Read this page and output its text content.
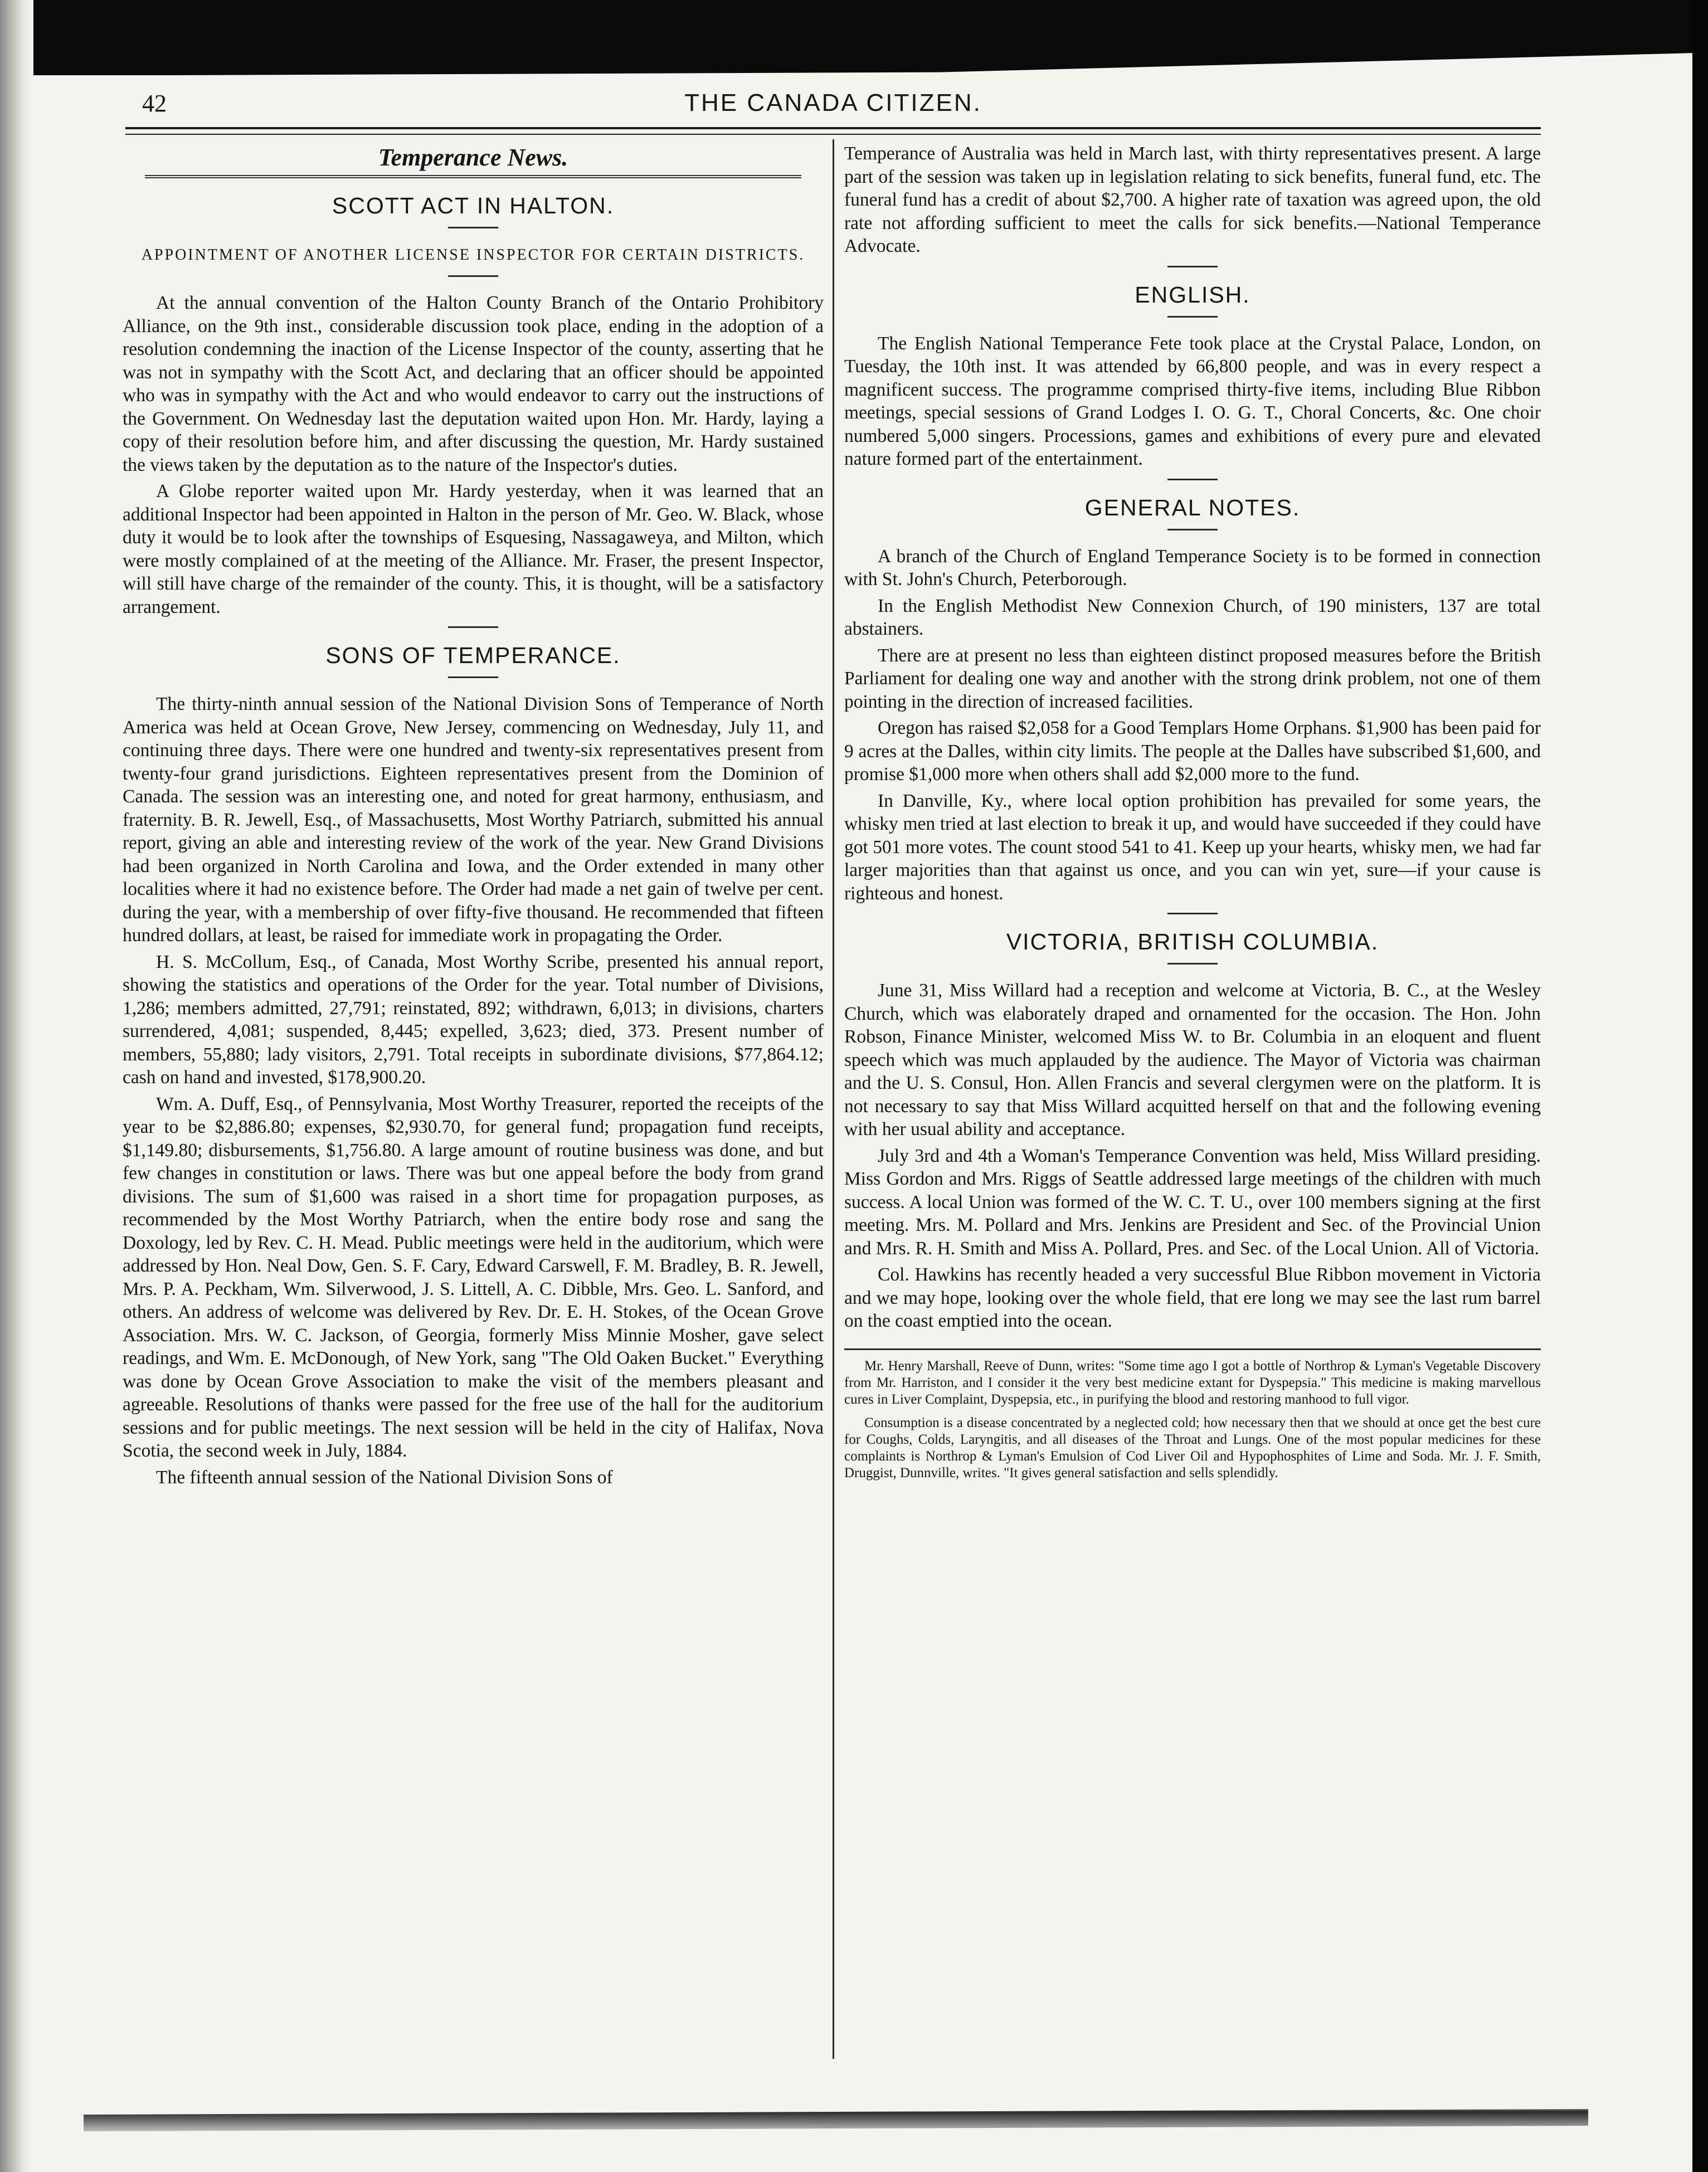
42	THE CANADA CITIZEN.
Temperance News.
SCOTT ACT IN HALTON.
APPOINTMENT OF ANOTHER LICENSE INSPECTOR FOR CERTAIN DISTRICTS.

At the annual convention of the Halton County Branch of the Ontario Prohibitory Alliance, on the 9th inst., considerable discussion took place, ending in the adoption of a resolution condemning the inaction of the License Inspector of the county, asserting that he was not in sympathy with the Scott Act, and declaring that an officer should be appointed who was in sympathy with the Act and who would endeavor to carry out the instructions of the Government. On Wednesday last the deputation waited upon Hon. Mr. Hardy, laying a copy of their resolution before him, and after discussing the question, Mr. Hardy sustained the views taken by the deputation as to the nature of the Inspector's duties.

A Globe reporter waited upon Mr. Hardy yesterday, when it was learned that an additional Inspector had been appointed in Halton in the person of Mr. Geo. W. Black, whose duty it would be to look after the townships of Esquesing, Nassagaweya, and Milton, which were mostly complained of at the meeting of the Alliance. Mr. Fraser, the present Inspector, will still have charge of the remainder of the county. This, it is thought, will be a satisfactory arrangement.

SONS OF TEMPERANCE.

The thirty-ninth annual session of the National Division Sons of Temperance of North America was held at Ocean Grove, New Jersey, commencing on Wednesday, July 11, and continuing three days. There were one hundred and twenty-six representatives present from twenty-four grand jurisdictions. Eighteen representatives present from the Dominion of Canada. The session was an interesting one, and noted for great harmony, enthusiasm, and fraternity. B. R. Jewell, Esq., of Massachusetts, Most Worthy Patriarch, submitted his annual report, giving an able and interesting review of the work of the year. New Grand Divisions had been organized in North Carolina and Iowa, and the Order extended in many other localities where it had no existence before. The Order had made a net gain of twelve per cent. during the year, with a membership of over fifty-five thousand. He recommended that fifteen hundred dollars, at least, be raised for immediate work in propagating the Order.

H. S. McCollum, Esq., of Canada, Most Worthy Scribe, presented his annual report, showing the statistics and operations of the Order for the year. Total number of Divisions, 1,286; members admitted, 27,791; reinstated, 892; withdrawn, 6,013; in divisions, charters surrendered, 4,081; suspended, 8,445; expelled, 3,623; died, 373. Present number of members, 55,880; lady visitors, 2,791. Total receipts in subordinate divisions, $77,864.12; cash on hand and invested, $178,900.20.

Wm. A. Duff, Esq., of Pennsylvania, Most Worthy Treasurer, reported the receipts of the year to be $2,886.80; expenses, $2,930.70, for general fund; propagation fund receipts, $1,149.80; disbursements, $1,756.80. A large amount of routine business was done, and but few changes in constitution or laws. There was but one appeal before the body from grand divisions. The sum of $1,600 was raised in a short time for propagation purposes, as recommended by the Most Worthy Patriarch, when the entire body rose and sang the Doxology, led by Rev. C. H. Mead. Public meetings were held in the auditorium, which were addressed by Hon. Neal Dow, Gen. S. F. Cary, Edward Carswell, F. M. Bradley, B. R. Jewell, Mrs. P. A. Peckham, Wm. Silverwood, J. S. Littell, A. C. Dibble, Mrs. Geo. L. Sanford, and others. An address of welcome was delivered by Rev. Dr. E. H. Stokes, of the Ocean Grove Association. Mrs. W. C. Jackson, of Georgia, formerly Miss Minnie Mosher, gave select readings, and Wm. E. McDonough, of New York, sang "The Old Oaken Bucket." Everything was done by Ocean Grove Association to make the visit of the members pleasant and agreeable. Resolutions of thanks were passed for the free use of the hall for the auditorium sessions and for public meetings. The next session will be held in the city of Halifax, Nova Scotia, the second week in July, 1884.

The fifteenth annual session of the National Division Sons of

Temperance of Australia was held in March last, with thirty representatives present. A large part of the session was taken up in legislation relating to sick benefits, funeral fund, etc. The funeral fund has a credit of about $2,700. A higher rate of taxation was agreed upon, the old rate not affording sufficient to meet the calls for sick benefits.—National Temperance Advocate.

ENGLISH.

The English National Temperance Fete took place at the Crystal Palace, London, on Tuesday, the 10th inst. It was attended by 66,800 people, and was in every respect a magnificent success. The programme comprised thirty-five items, including Blue Ribbon meetings, special sessions of Grand Lodges I. O. G. T., Choral Concerts, &c. One choir numbered 5,000 singers. Processions, games and exhibitions of every pure and elevated nature formed part of the entertainment.

GENERAL NOTES.

A branch of the Church of England Temperance Society is to be formed in connection with St. John's Church, Peterborough.

In the English Methodist New Connexion Church, of 190 ministers, 137 are total abstainers.

There are at present no less than eighteen distinct proposed measures before the British Parliament for dealing one way and another with the strong drink problem, not one of them pointing in the direction of increased facilities.

Oregon has raised $2,058 for a Good Templars Home Orphans. $1,900 has been paid for 9 acres at the Dalles, within city limits. The people at the Dalles have subscribed $1,600, and promise $1,000 more when others shall add $2,000 more to the fund.

In Danville, Ky., where local option prohibition has prevailed for some years, the whisky men tried at last election to break it up, and would have succeeded if they could have got 501 more votes. The count stood 541 to 41. Keep up your hearts, whisky men, we had far larger majorities than that against us once, and you can win yet, sure—if your cause is righteous and honest.

VICTORIA, BRITISH COLUMBIA.

June 31, Miss Willard had a reception and welcome at Victoria, B. C., at the Wesley Church, which was elaborately draped and ornamented for the occasion. The Hon. John Robson, Finance Minister, welcomed Miss W. to Br. Columbia in an eloquent and fluent speech which was much applauded by the audience. The Mayor of Victoria was chairman and the U. S. Consul, Hon. Allen Francis and several clergymen were on the platform. It is not necessary to say that Miss Willard acquitted herself on that and the following evening with her usual ability and acceptance.

July 3rd and 4th a Woman's Temperance Convention was held, Miss Willard presiding. Miss Gordon and Mrs. Riggs of Seattle addressed large meetings of the children with much success. A local Union was formed of the W. C. T. U., over 100 members signing at the first meeting. Mrs. M. Pollard and Mrs. Jenkins are President and Sec. of the Provincial Union and Mrs. R. H. Smith and Miss A. Pollard, Pres. and Sec. of the Local Union. All of Victoria.

Col. Hawkins has recently headed a very successful Blue Ribbon movement in Victoria and we may hope, looking over the whole field, that ere long we may see the last rum barrel on the coast emptied into the ocean.

Mr. Henry Marshall, Reeve of Dunn, writes: "Some time ago I got a bottle of Northrop & Lyman's Vegetable Discovery from Mr. Harriston, and I consider it the very best medicine extant for Dyspepsia." This medicine is making marvellous cures in Liver Complaint, Dyspepsia, etc., in purifying the blood and restoring manhood to full vigor.

Consumption is a disease concentrated by a neglected cold; how necessary then that we should at once get the best cure for Coughs, Colds, Laryngitis, and all diseases of the Throat and Lungs. One of the most popular medicines for these complaints is Northrop & Lyman's Emulsion of Cod Liver Oil and Hypophosphites of Lime and Soda. Mr. J. F. Smith, Druggist, Dunnville, writes. "It gives general satisfaction and sells splendidly.
